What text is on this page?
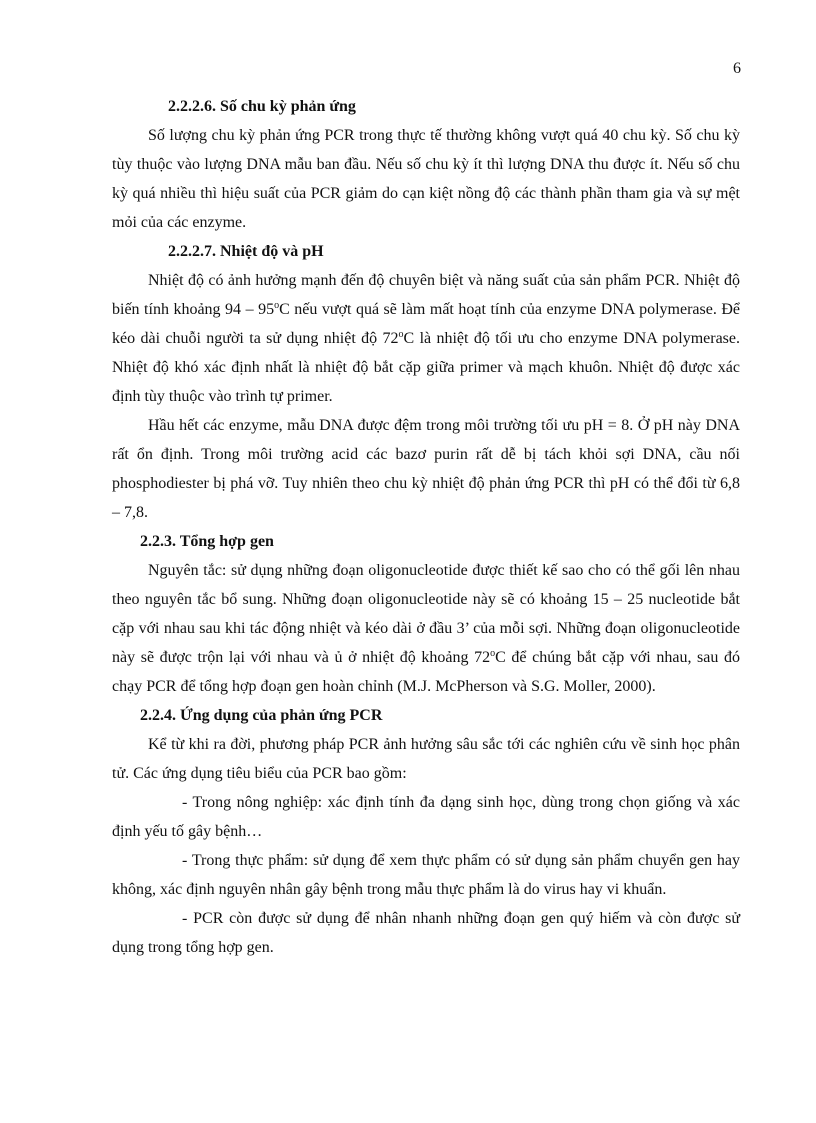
6

2.2.2.6. Số chu kỳ phản ứng

Số lượng chu kỳ phản ứng PCR trong thực tế thường không vượt quá 40 chu kỳ. Số chu kỳ tùy thuộc vào lượng DNA mẫu ban đầu. Nếu số chu kỳ ít thì lượng DNA thu được ít. Nếu số chu kỳ quá nhiều thì hiệu suất của PCR giảm do cạn kiệt nồng độ các thành phần tham gia và sự mệt mỏi của các enzyme.

2.2.2.7. Nhiệt độ và pH

Nhiệt độ có ảnh hưởng mạnh đến độ chuyên biệt và năng suất của sản phẩm PCR. Nhiệt độ biến tính khoảng 94 – 95$^o$C nếu vượt quá sẽ làm mất hoạt tính của enzyme DNA polymerase. Để kéo dài chuỗi người ta sử dụng nhiệt độ 72$^o$C là nhiệt độ tối ưu cho enzyme DNA polymerase. Nhiệt độ khó xác định nhất là nhiệt độ bắt cặp giữa primer và mạch khuôn. Nhiệt độ được xác định tùy thuộc vào trình tự primer.

Hầu hết các enzyme, mẫu DNA được đệm trong môi trường tối ưu pH = 8. Ở pH này DNA rất ổn định. Trong môi trường acid các bazơ purin rất dễ bị tách khỏi sợi DNA, cầu nối phosphodiester bị phá vỡ. Tuy nhiên theo chu kỳ nhiệt độ phản ứng PCR thì pH có thể đổi từ 6,8 – 7,8.

2.2.3. Tổng hợp gen

Nguyên tắc: sử dụng những đoạn oligonucleotide được thiết kế sao cho có thể gối lên nhau theo nguyên tắc bổ sung. Những đoạn oligonucleotide này sẽ có khoảng 15 – 25 nucleotide bắt cặp với nhau sau khi tác động nhiệt và kéo dài ở đầu 3’ của mỗi sợi. Những đoạn oligonucleotide này sẽ được trộn lại với nhau và ủ ở nhiệt độ khoảng 72$^o$C để chúng bắt cặp với nhau, sau đó chạy PCR để tổng hợp đoạn gen hoàn chỉnh (M.J. McPherson và S.G. Moller, 2000).

2.2.4. Ứng dụng của phản ứng PCR

Kể từ khi ra đời, phương pháp PCR ảnh hưởng sâu sắc tới các nghiên cứu về sinh học phân tử. Các ứng dụng tiêu biểu của PCR bao gồm:

- Trong nông nghiệp: xác định tính đa dạng sinh học, dùng trong chọn giống và xác định yếu tố gây bệnh…

- Trong thực phẩm: sử dụng để xem thực phẩm có sử dụng sản phẩm chuyển gen hay không, xác định nguyên nhân gây bệnh trong mẫu thực phẩm là do virus hay vi khuẩn.

- PCR còn được sử dụng để nhân nhanh những đoạn gen quý hiếm và còn được sử dụng trong tổng hợp gen.
